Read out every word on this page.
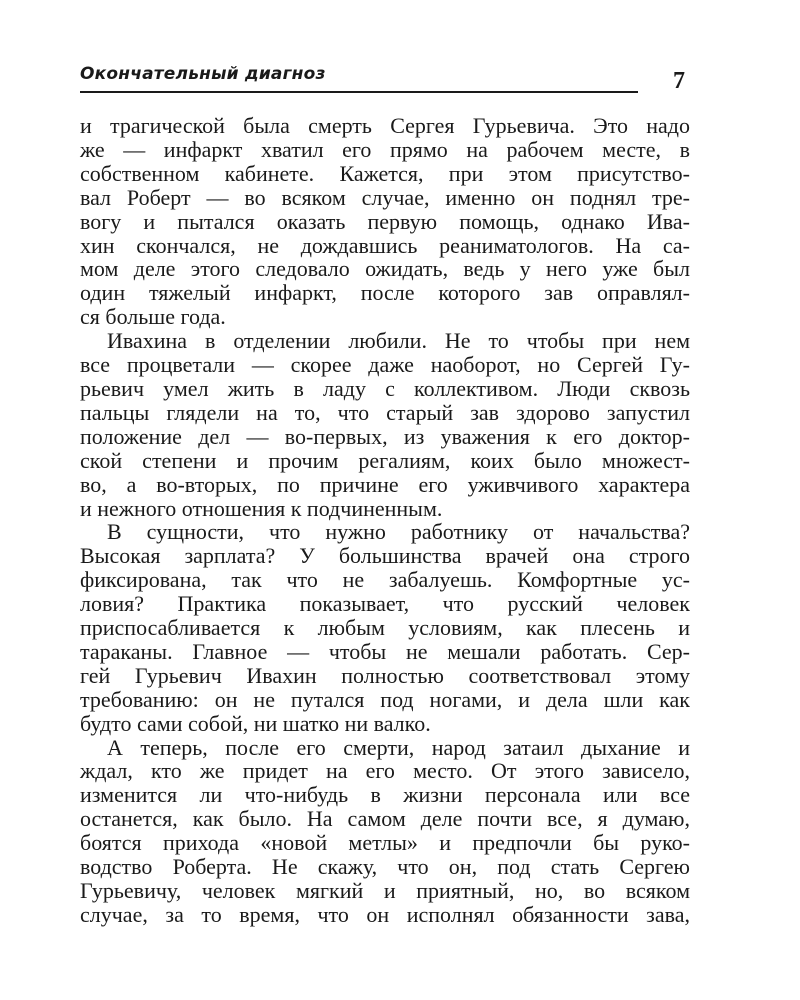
Окончательный диагноз	7
и трагической была смерть Сергея Гурьевича. Это надо
же — инфаркт хватил его прямо на рабочем месте, в
собственном кабинете. Кажется, при этом присутство-
вал Роберт — во всяком случае, именно он поднял тре-
вогу и пытался оказать первую помощь, однако Ива-
хин скончался, не дождавшись реаниматологов. На са-
мом деле этого следовало ожидать, ведь у него уже был
один тяжелый инфаркт, после которого зав оправлял-
ся больше года.
Ивахина в отделении любили. Не то чтобы при нем
все процветали — скорее даже наоборот, но Сергей Гу-
рьевич умел жить в ладу с коллективом. Люди сквозь
пальцы глядели на то, что старый зав здорово запустил
положение дел — во-первых, из уважения к его доктор-
ской степени и прочим регалиям, коих было множест-
во, а во-вторых, по причине его уживчивого характера
и нежного отношения к подчиненным.
В сущности, что нужно работнику от начальства?
Высокая зарплата? У большинства врачей она строго
фиксирована, так что не забалуешь. Комфортные ус-
ловия? Практика показывает, что русский человек
приспосабливается к любым условиям, как плесень и
тараканы. Главное — чтобы не мешали работать. Сер-
гей Гурьевич Ивахин полностью соответствовал этому
требованию: он не путался под ногами, и дела шли как
будто сами собой, ни шатко ни валко.
А теперь, после его смерти, народ затаил дыхание и
ждал, кто же придет на его место. От этого зависело,
изменится ли что-нибудь в жизни персонала или все
останется, как было. На самом деле почти все, я думаю,
боятся прихода «новой метлы» и предпочли бы руко-
водство Роберта. Не скажу, что он, под стать Сергею
Гурьевичу, человек мягкий и приятный, но, во всяком
случае, за то время, что он исполнял обязанности зава,
